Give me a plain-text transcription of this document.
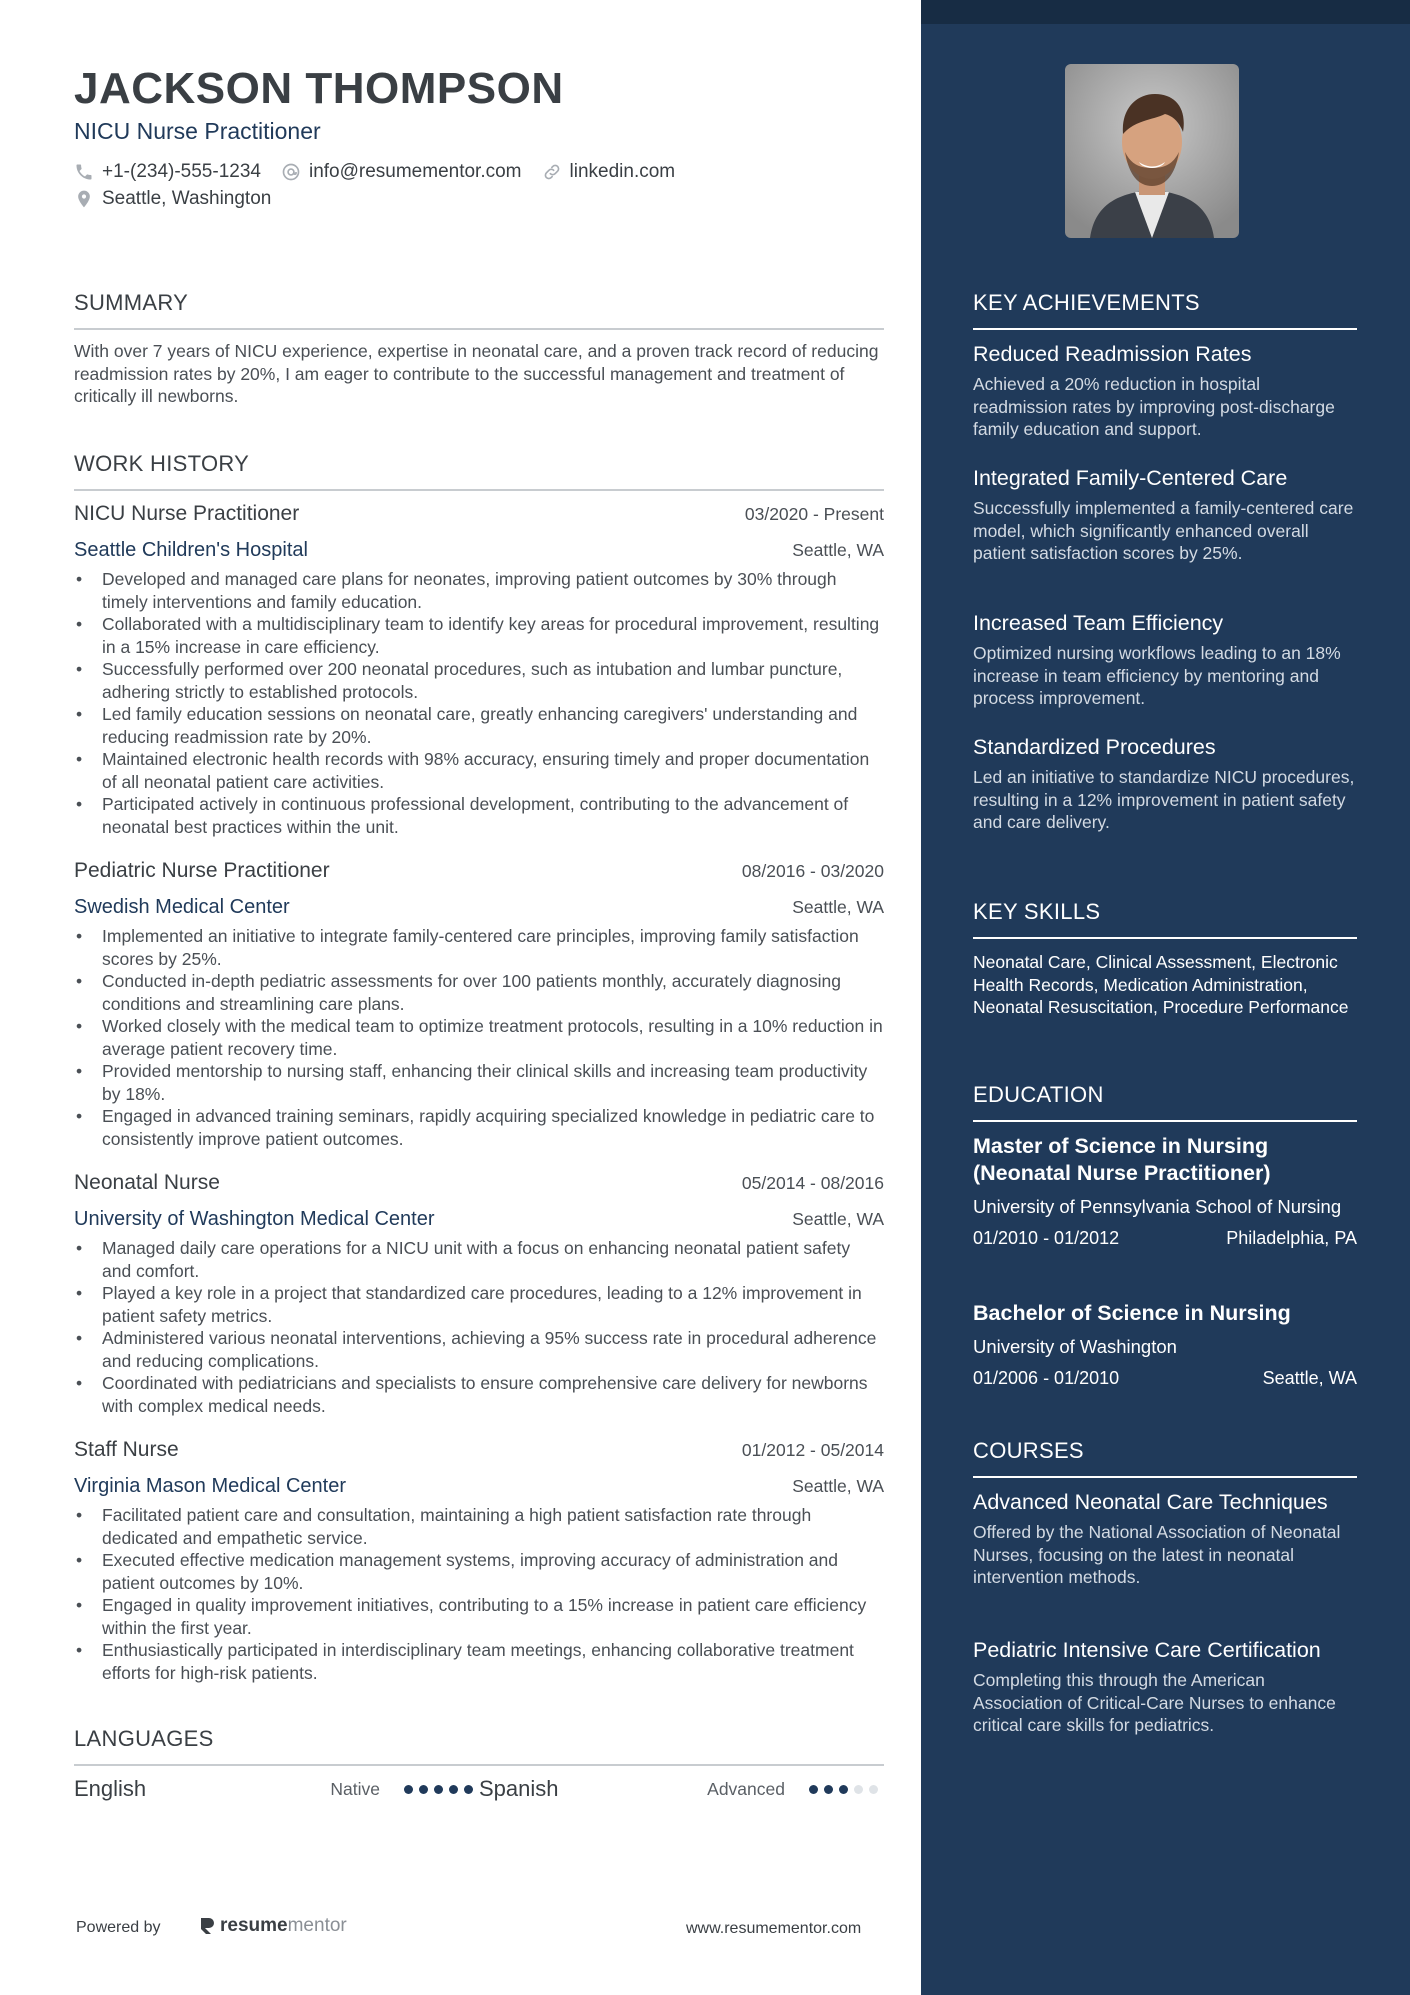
JACKSON THOMPSON
NICU Nurse Practitioner
+1-(234)-555-1234	info@resumementor.com	linkedin.com
Seattle, Washington
SUMMARY

With over 7 years of NICU experience, expertise in neonatal care, and a proven track record of reducing readmission rates by 20%, I am eager to contribute to the successful management and treatment of critically ill newborns.

WORK HISTORY
NICU Nurse Practitioner	03/2020 - Present
Seattle Children's Hospital	Seattle, WA
• Developed and managed care plans for neonates, improving patient outcomes by 30% through timely interventions and family education.
• Collaborated with a multidisciplinary team to identify key areas for procedural improvement, resulting in a 15% increase in care efficiency.
• Successfully performed over 200 neonatal procedures, such as intubation and lumbar puncture, adhering strictly to established protocols.
• Led family education sessions on neonatal care, greatly enhancing caregivers' understanding and reducing readmission rate by 20%.
• Maintained electronic health records with 98% accuracy, ensuring timely and proper documentation of all neonatal patient care activities.
• Participated actively in continuous professional development, contributing to the advancement of neonatal best practices within the unit.
Pediatric Nurse Practitioner	08/2016 - 03/2020
Swedish Medical Center	Seattle, WA
• Implemented an initiative to integrate family-centered care principles, improving family satisfaction scores by 25%.
• Conducted in-depth pediatric assessments for over 100 patients monthly, accurately diagnosing conditions and streamlining care plans.
• Worked closely with the medical team to optimize treatment protocols, resulting in a 10% reduction in average patient recovery time.
• Provided mentorship to nursing staff, enhancing their clinical skills and increasing team productivity by 18%.
• Engaged in advanced training seminars, rapidly acquiring specialized knowledge in pediatric care to consistently improve patient outcomes.
Neonatal Nurse	05/2014 - 08/2016
University of Washington Medical Center	Seattle, WA
• Managed daily care operations for a NICU unit with a focus on enhancing neonatal patient safety and comfort.
• Played a key role in a project that standardized care procedures, leading to a 12% improvement in patient safety metrics.
• Administered various neonatal interventions, achieving a 95% success rate in procedural adherence and reducing complications.
• Coordinated with pediatricians and specialists to ensure comprehensive care delivery for newborns with complex medical needs.
Staff Nurse	01/2012 - 05/2014
Virginia Mason Medical Center	Seattle, WA
• Facilitated patient care and consultation, maintaining a high patient satisfaction rate through dedicated and empathetic service.
• Executed effective medication management systems, improving accuracy of administration and patient outcomes by 10%.
• Engaged in quality improvement initiatives, contributing to a 15% increase in patient care efficiency within the first year.
• Enthusiastically participated in interdisciplinary team meetings, enhancing collaborative treatment efforts for high-risk patients.
LANGUAGES
English	Native	Spanish	Advanced
Powered by	resume mentor	www.resumementor.com
KEY ACHIEVEMENTS
Reduced Readmission Rates
Achieved a 20% reduction in hospital readmission rates by improving post-discharge family education and support.
Integrated Family-Centered Care
Successfully implemented a family-centered care model, which significantly enhanced overall patient satisfaction scores by 25%.
Increased Team Efficiency
Optimized nursing workflows leading to an 18% increase in team efficiency by mentoring and process improvement.
Standardized Procedures
Led an initiative to standardize NICU procedures, resulting in a 12% improvement in patient safety and care delivery.
KEY SKILLS
Neonatal Care, Clinical Assessment, Electronic Health Records, Medication Administration, Neonatal Resuscitation, Procedure Performance
EDUCATION
Master of Science in Nursing (Neonatal Nurse Practitioner)
University of Pennsylvania School of Nursing
01/2010 - 01/2012	Philadelphia, PA
Bachelor of Science in Nursing
University of Washington
01/2006 - 01/2010	Seattle, WA
COURSES
Advanced Neonatal Care Techniques
Offered by the National Association of Neonatal Nurses, focusing on the latest in neonatal intervention methods.
Pediatric Intensive Care Certification
Completing this through the American Association of Critical-Care Nurses to enhance critical care skills for pediatrics.
